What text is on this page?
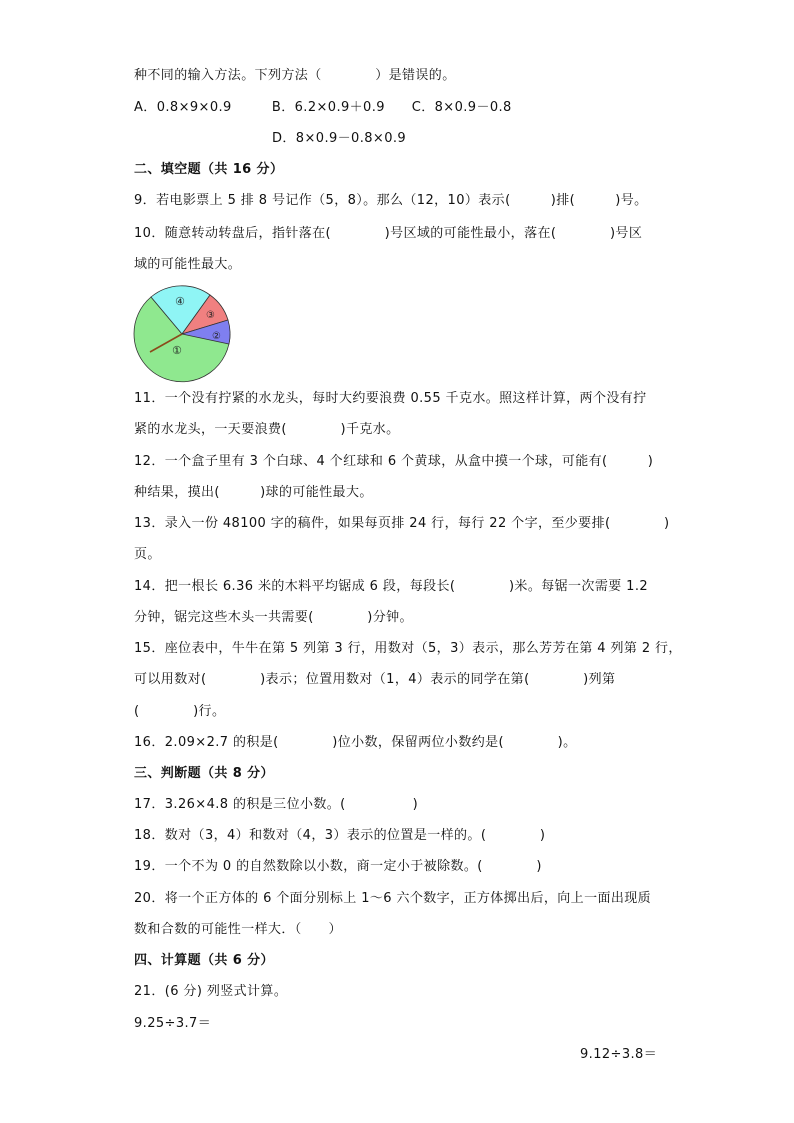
种不同的输入方法。下列方法（　　　　）是错误的。
A．0.8×9×0.9　　　B．6.2×0.9＋0.9　　C．8×0.9－0.8
D．8×0.9－0.8×0.9
二、填空题（共 16 分）
9．若电影票上 5 排 8 号记作（5，8）。那么（12，10）表示(　　　)排(　　　)号。
10．随意转动转盘后，指针落在(　　　　)号区域的可能性最小，落在(　　　　)号区
域的可能性最大。
①
②
③
④
11．一个没有拧紧的水龙头，每时大约要浪费 0.55 千克水。照这样计算，两个没有拧
紧的水龙头，一天要浪费(　　　　)千克水。
12．一个盒子里有 3 个白球、4 个红球和 6 个黄球，从盒中摸一个球，可能有(　　　)
种结果，摸出(　　　)球的可能性最大。
13．录入一份 48100 字的稿件，如果每页排 24 行，每行 22 个字，至少要排(　　　　)
页。
14．把一根长 6.36 米的木料平均锯成 6 段，每段长(　　　　)米。每锯一次需要 1.2
分钟，锯完这些木头一共需要(　　　　)分钟。
15．座位表中，牛牛在第 5 列第 3 行，用数对（5，3）表示，那么芳芳在第 4 列第 2 行，
可以用数对(　　　　)表示；位置用数对（1，4）表示的同学在第(　　　　)列第
(　　　　)行。
16．2.09×2.7 的积是(　　　　)位小数，保留两位小数约是(　　　　)。
三、判断题（共 8 分）
17．3.26×4.8 的积是三位小数。(　　　　　)
18．数对（3，4）和数对（4，3）表示的位置是一样的。(　　　　)
19．一个不为 0 的自然数除以小数，商一定小于被除数。(　　　　)
20．将一个正方体的 6 个面分别标上 1～6 六个数字，正方体掷出后，向上一面出现质
数和合数的可能性一样大．（　　）
四、计算题（共 6 分）
21．(6 分) 列竖式计算。
9.25÷3.7＝
9.12÷3.8＝
